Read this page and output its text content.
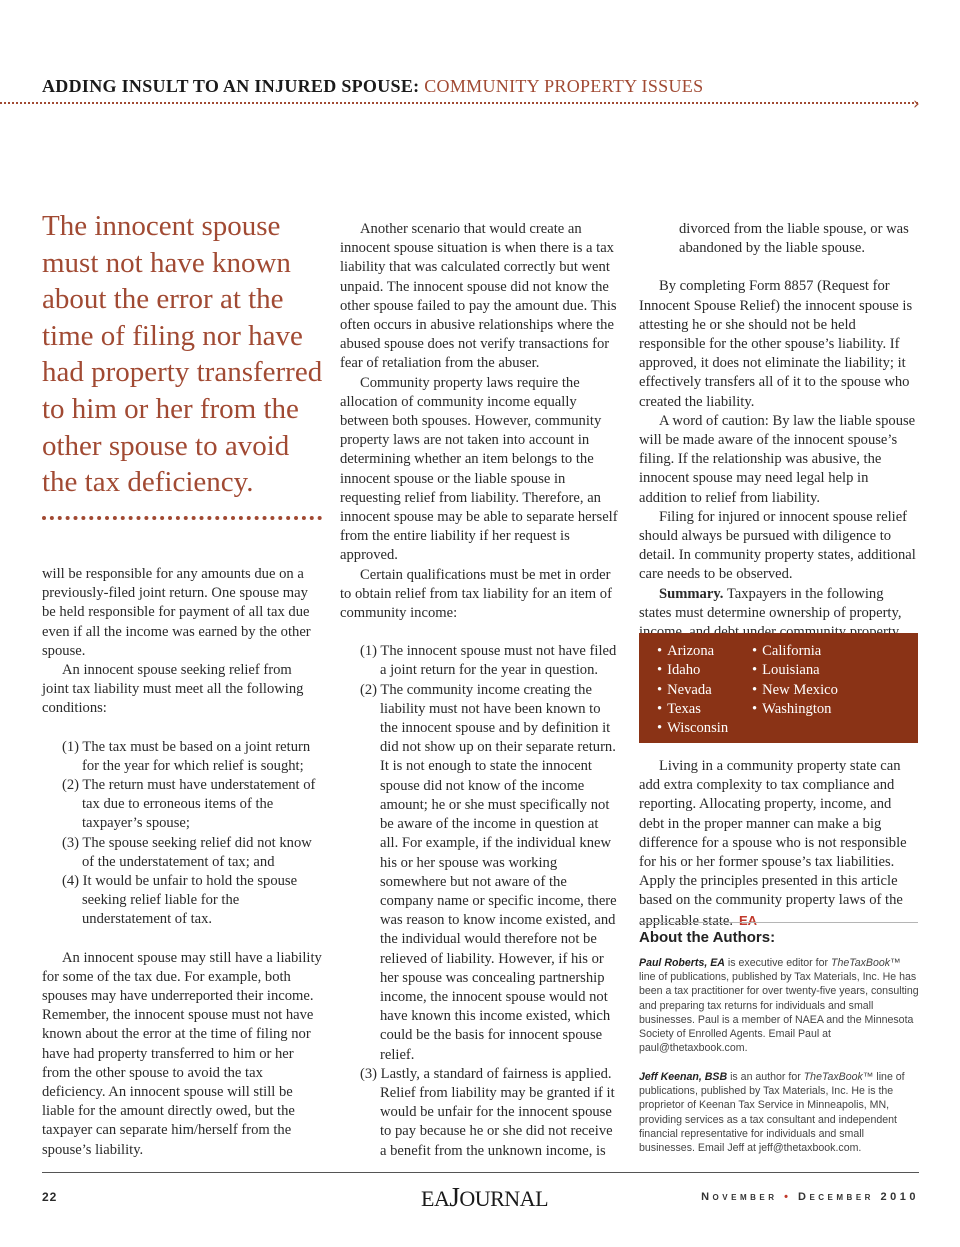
ADDING INSULT TO AN INJURED SPOUSE: COMMUNITY PROPERTY ISSUES
›
The innocent spouse must not have known about the error at the time of filing nor have had property transferred to him or her from the other spouse to avoid the tax deficiency.

will be responsible for any amounts due on a previously-filed joint return. One spouse may be held responsible for payment of all tax due even if all the income was earned by the other spouse.

An innocent spouse seeking relief from joint tax liability must meet all the following conditions:

(1) The tax must be based on a joint return for the year for which relief is sought;
(2) The return must have understatement of tax due to erroneous items of the taxpayer’s spouse;
(3) The spouse seeking relief did not know of the understatement of tax; and
(4) It would be unfair to hold the spouse seeking relief liable for the understatement of tax.

An innocent spouse may still have a liability for some of the tax due. For example, both spouses may have underreported their income. Remember, the innocent spouse must not have known about the error at the time of filing nor have had property transferred to him or her from the other spouse to avoid the tax deficiency. An innocent spouse will still be liable for the amount directly owed, but the taxpayer can separate him/herself from the spouse’s liability.

Another scenario that would create an innocent spouse situation is when there is a tax liability that was calculated correctly but went unpaid. The innocent spouse did not know the other spouse failed to pay the amount due. This often occurs in abusive relationships where the abused spouse does not verify transactions for fear of retaliation from the abuser.

Community property laws require the allocation of community income equally between both spouses. However, community property laws are not taken into account in determining whether an item belongs to the innocent spouse or the liable spouse in requesting relief from liability. Therefore, an innocent spouse may be able to separate herself from the entire liability if her request is approved.

Certain qualifications must be met in order to obtain relief from tax liability for an item of community income:

(1) The innocent spouse must not have filed a joint return for the year in question.
(2) The community income creating the liability must not have been known to the innocent spouse and by definition it did not show up on their separate return. It is not enough to state the innocent spouse did not know of the income amount; he or she must specifically not be aware of the income in question at all. For example, if the individual knew his or her spouse was working somewhere but not aware of the company name or specific income, there was reason to know income existed, and the individual would therefore not be relieved of liability. However, if his or her spouse was concealing partnership income, the innocent spouse would not have known this income existed, which could be the basis for innocent spouse relief.
(3) Lastly, a standard of fairness is applied. Relief from liability may be granted if it would be unfair for the innocent spouse to pay because he or she did not receive a benefit from the unknown income, is

divorced from the liable spouse, or was abandoned by the liable spouse.

By completing Form 8857 (Request for Innocent Spouse Relief) the innocent spouse is attesting he or she should not be held responsible for the other spouse’s liability. If approved, it does not eliminate the liability; it effectively transfers all of it to the spouse who created the liability.

A word of caution: By law the liable spouse will be made aware of the innocent spouse’s filing. If the relationship was abusive, the innocent spouse may need legal help in addition to relief from liability.

Filing for injured or innocent spouse relief should always be pursued with diligence to detail. In community property states, additional care needs to be observed.

Summary. Taxpayers in the following states must determine ownership of property,

• Arizona
• Idaho
• Nevada
• Texas
• Wisconsin
• California
• Louisiana
• New Mexico
• Washington

Living in a community property state can add extra complexity to tax compliance and reporting. Allocating property, income, and debt in the proper manner can make a big difference for a spouse who is not responsible for his or her former spouse’s tax liabilities. Apply the principles presented in this article based on the community property laws of the applicable state. EA

About the Authors:
Paul Roberts, EA is executive editor for TheTaxBook™ line of publications, published by Tax Materials, Inc. He has been a tax practitioner for over twenty-five years, consulting and preparing tax returns for individuals and small businesses. Paul is a member of NAEA and the Minnesota Society of Enrolled Agents. Email Paul at paul@thetaxbook.com.
Jeff Keenan, BSB is an author for TheTaxBook™ line of publications, published by Tax Materials, Inc. He is the proprietor of Keenan Tax Service in Minneapolis, MN, providing services as a tax consultant and independent financial representative for individuals and small businesses. Email Jeff at jeff@thetaxbook.com.
22	EAJOURNAL	November • December 2010
